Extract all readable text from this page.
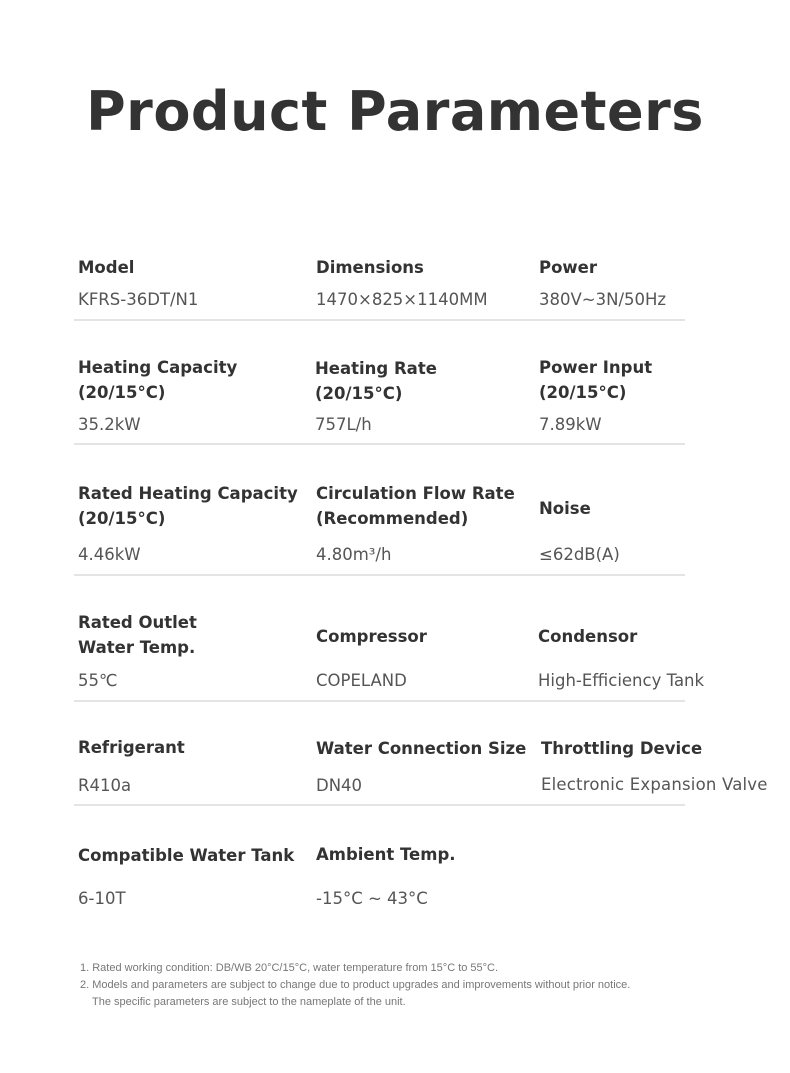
Product Parameters
Model
KFRS-36DT/N1
Dimensions
1470×825×1140MM
Power
380V~3N/50Hz
Heating Capacity
(20/15°C)
35.2kW
Heating Rate
(20/15°C)
757L/h
Power Input
(20/15°C)
7.89kW
Rated Heating Capacity
(20/15°C)
4.46kW
Circulation Flow Rate
(Recommended)
4.80m³/h
Noise
≤62dB(A)
Rated Outlet
Water Temp.
55℃
Compressor
COPELAND
Condensor
High-Efficiency Tank
Refrigerant
R410a
Water Connection Size
DN40
Throttling Device
Electronic Expansion Valve
Compatible Water Tank
6-10T
Ambient Temp.
-15°C ~ 43°C
1. Rated working condition: DB/WB 20°C/15°C, water temperature from 15°C to 55°C.
2. Models and parameters are subject to change due to product upgrades and improvements without prior notice.
The specific parameters are subject to the nameplate of the unit.
